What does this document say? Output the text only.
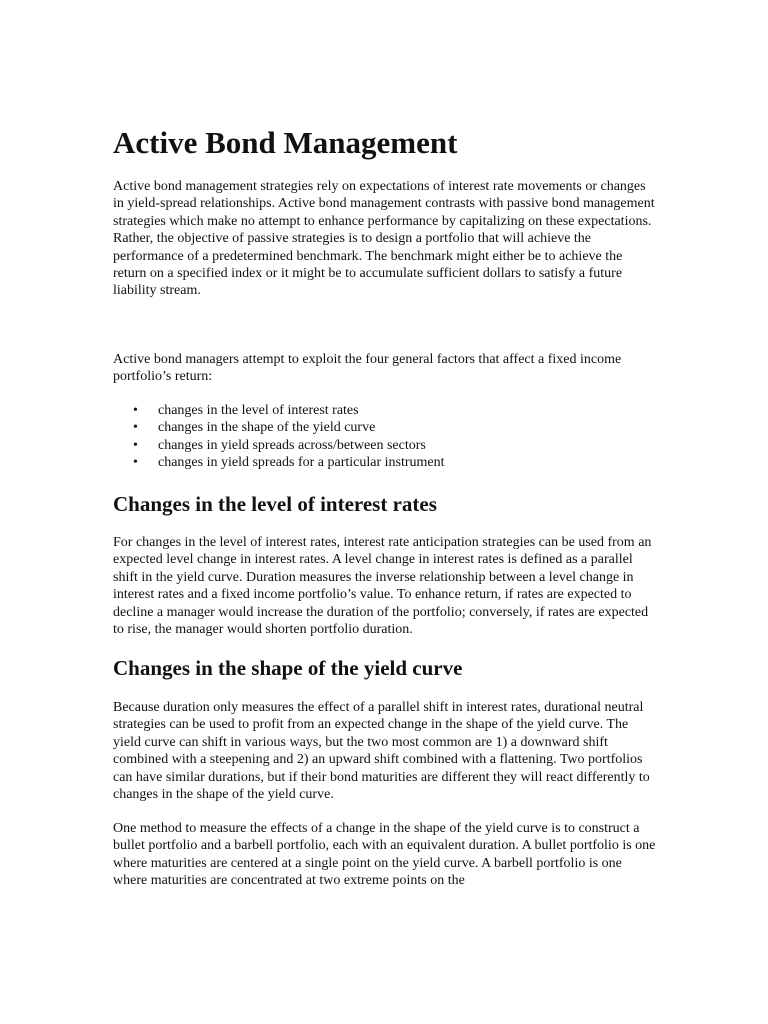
Active Bond Management

Active bond management strategies rely on expectations of interest rate movements or changes in yield-spread relationships. Active bond management contrasts with passive bond management strategies which make no attempt to enhance performance by capitalizing on these expectations. Rather, the objective of passive strategies is to design a portfolio that will achieve the performance of a predetermined benchmark. The benchmark might either be to achieve the return on a specified index or it might be to accumulate sufficient dollars to satisfy a future liability stream.

Active bond managers attempt to exploit the four general factors that affect a fixed income portfolio’s return:

• changes in the level of interest rates
• changes in the shape of the yield curve
• changes in yield spreads across/between sectors
• changes in yield spreads for a particular instrument
Changes in the level of interest rates

For changes in the level of interest rates, interest rate anticipation strategies can be used from an expected level change in interest rates. A level change in interest rates is defined as a parallel shift in the yield curve. Duration measures the inverse relationship between a level change in interest rates and a fixed income portfolio’s value. To enhance return, if rates are expected to decline a manager would increase the duration of the portfolio; conversely, if rates are expected to rise, the manager would shorten portfolio duration.

Changes in the shape of the yield curve

Because duration only measures the effect of a parallel shift in interest rates, durational neutral strategies can be used to profit from an expected change in the shape of the yield curve. The yield curve can shift in various ways, but the two most common are 1) a downward shift combined with a steepening and 2) an upward shift combined with a flattening. Two portfolios can have similar durations, but if their bond maturities are different they will react differently to changes in the shape of the yield curve.

One method to measure the effects of a change in the shape of the yield curve is to construct a bullet portfolio and a barbell portfolio, each with an equivalent duration. A bullet portfolio is one where maturities are centered at a single point on the yield curve. A barbell portfolio is one where maturities are concentrated at two extreme points on the
